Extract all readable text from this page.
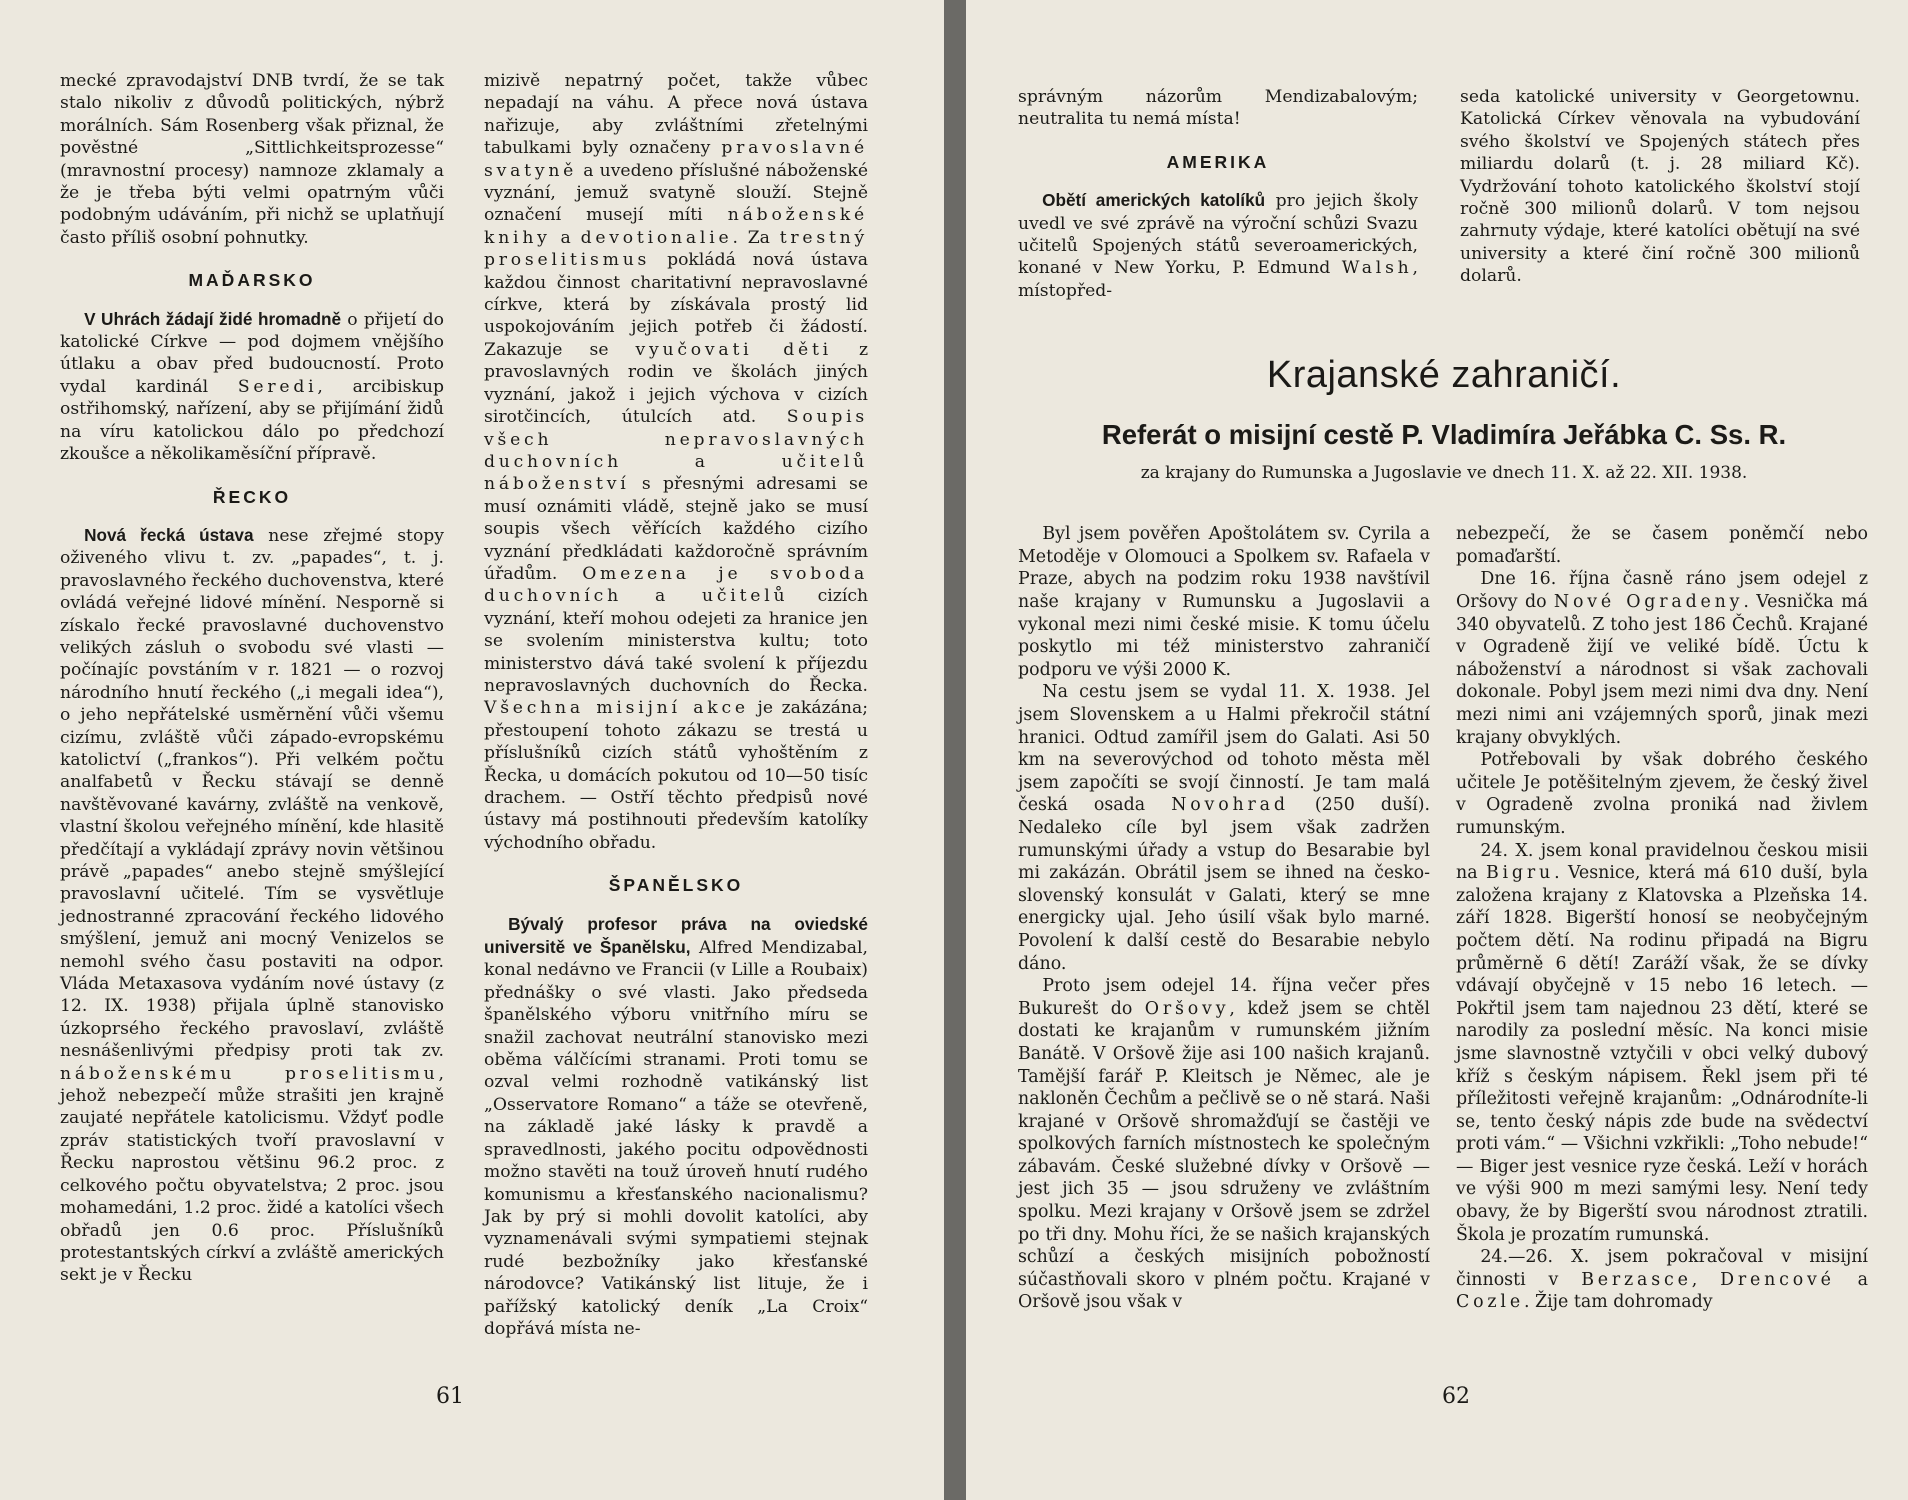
mecké zpravodajství DNB tvrdí, že se tak stalo nikoliv z důvodů politických, nýbrž morálních. Sám Rosenberg však přiznal, že pověstné „Sittlichkeitsprozesse“ (mravnostní procesy) namnoze zklamaly a že je třeba býti velmi opatrným vůči podobným udáváním, při nichž se uplatňují často příliš osobní pohnutky.

MAĎARSKO

V Uhrách žádají židé hromadně o přijetí do katolické Církve — pod dojmem vnějšího útlaku a obav před budoucností. Proto vydal kardinál Seredi, arcibiskup ostřihomský, nařízení, aby se přijímání židů na víru katolickou dálo po předchozí zkoušce a několikaměsíční přípravě.

ŘECKO

Nová řecká ústava nese zřejmé stopy oživeného vlivu t. zv. „papades“, t. j. pravoslavného řeckého duchovenstva, které ovládá veřejné lidové mínění. Nesporně si získalo řecké pravoslavné duchovenstvo velikých zásluh o svobodu své vlasti — počínajíc povstáním v r. 1821 — o rozvoj národního hnutí řeckého („i megali idea“), o jeho nepřátelské usměrnění vůči všemu cizímu, zvláště vůči západo-evropskému katolictví („frankos“). Při velkém počtu analfabetů v Řecku stávají se denně navštěvované kavárny, zvláště na venkově, vlastní školou veřejného mínění, kde hlasitě předčítají a vykládají zprávy novin většinou právě „papades“ anebo stejně smýšlející pravoslavní učitelé. Tím se vysvětluje jednostranné zpracování řeckého lidového smýšlení, jemuž ani mocný Venizelos se nemohl svého času postaviti na odpor. Vláda Metaxasova vydáním nové ústavy (z 12. IX. 1938) přijala úplně stanovisko úzkoprsého řeckého pravoslaví, zvláště nesnášenlivými předpisy proti tak zv. náboženskému proselitismu, jehož nebezpečí může strašiti jen krajně zaujaté nepřátele katolicismu. Vždyť podle zpráv statistických tvoří pravoslavní v Řecku naprostou většinu 96.2 proc. z celkového počtu obyvatelstva; 2 proc. jsou mohamedáni, 1.2 proc. židé a katolíci všech obřadů jen 0.6 proc. Příslušníků protestantských církví a zvláště amerických sekt je v Řecku

mizivě nepatrný počet, takže vůbec nepadají na váhu. A přece nová ústava nařizuje, aby zvláštními zřetelnými tabulkami byly označeny pravoslavné svatyně a uvedeno příslušné náboženské vyznání, jemuž svatyně slouží. Stejně označení musejí míti náboženské knihy a devotionalie. Za trestný proselitismus pokládá nová ústava každou činnost charitativní nepravoslavné církve, která by získávala prostý lid uspokojováním jejich potřeb či žádostí. Zakazuje se vyučovati děti z pravoslavných rodin ve školách jiných vyznání, jakož i jejich výchova v cizích sirotčincích, útulcích atd. Soupis všech nepravoslavných duchovních a učitelů náboženství s přesnými adresami se musí oznámiti vládě, stejně jako se musí soupis všech věřících každého cizího vyznání předkládati každoročně správním úřadům. Omezena je svoboda duchovních a učitelů cizích vyznání, kteří mohou odejeti za hranice jen se svolením ministerstva kultu; toto ministerstvo dává také svolení k příjezdu nepravoslavných duchovních do Řecka. Všechna misijní akce je zakázána; přestoupení tohoto zákazu se trestá u příslušníků cizích států vyhoštěním z Řecka, u domácích pokutou od 10—50 tisíc drachem. — Ostří těchto předpisů nové ústavy má postihnouti především katolíky východního obřadu.

ŠPANĚLSKO

Bývalý profesor práva na oviedské universitě ve Španělsku, Alfred Mendizabal, konal nedávno ve Francii (v Lille a Roubaix) přednášky o své vlasti. Jako předseda španělského výboru vnitřního míru se snažil zachovat neutrální stanovisko mezi oběma válčícími stranami. Proti tomu se ozval velmi rozhodně vatikánský list „Osservatore Romano“ a táže se otevřeně, na základě jaké lásky k pravdě a spravedlnosti, jakého pocitu odpovědnosti možno stavěti na touž úroveň hnutí rudého komunismu a křesťanského nacionalismu? Jak by prý si mohli dovolit katolíci, aby vyznamenávali svými sympatiemi stejnak rudé bezbožníky jako křesťanské národovce? Vatikánský list lituje, že i pařížský katolický deník „La Croix“ dopřává místa ne-

61

správným názorům Mendizabalovým; neutralita tu nemá místa!

AMERIKA

Obětí amerických katolíků pro jejich školy uvedl ve své zprávě na výroční schůzi Svazu učitelů Spojených států severoamerických, konané v New Yorku, P. Edmund Walsh, místopřed-

seda katolické university v Georgetownu. Katolická Církev věnovala na vybudování svého školství ve Spojených státech přes miliardu dolarů (t. j. 28 miliard Kč). Vydržování tohoto katolického školství stojí ročně 300 milionů dolarů. V tom nejsou zahrnuty výdaje, které katolíci obětují na své university a které činí ročně 300 milionů dolarů.

Krajanské zahraničí.
Referát o misijní cestě P. Vladimíra Jeřábka C. Ss. R.
za krajany do Rumunska a Jugoslavie ve dnech 11. X. až 22. XII. 1938.

Byl jsem pověřen Apoštolátem sv. Cyrila a Metoděje v Olomouci a Spolkem sv. Rafaela v Praze, abych na podzim roku 1938 navštívil naše krajany v Rumunsku a Jugoslavii a vykonal mezi nimi české misie. K tomu účelu poskytlo mi též ministerstvo zahraničí podporu ve výši 2000 K.

Na cestu jsem se vydal 11. X. 1938. Jel jsem Slovenskem a u Halmi překročil státní hranici. Odtud zamířil jsem do Galati. Asi 50 km na severovýchod od tohoto města měl jsem započíti se svojí činností. Je tam malá česká osada Novohrad (250 duší). Nedaleko cíle byl jsem však zadržen rumunskými úřady a vstup do Besarabie byl mi zakázán. Obrátil jsem se ihned na česko-slovenský konsulát v Galati, který se mne energicky ujal. Jeho úsilí však bylo marné. Povolení k další cestě do Besarabie nebylo dáno.

Proto jsem odejel 14. října večer přes Bukurešt do Oršovy, kdež jsem se chtěl dostati ke krajanům v rumunském jižním Banátě. V Oršově žije asi 100 našich krajanů. Tamější farář P. Kleitsch je Němec, ale je nakloněn Čechům a pečlivě se o ně stará. Naši krajané v Oršově shromažďují se častěji ve spolkových farních místnostech ke společným zábavám. České služebné dívky v Oršově — jest jich 35 — jsou sdruženy ve zvláštním spolku. Mezi krajany v Oršově jsem se zdržel po tři dny. Mohu říci, že se našich krajanských schůzí a českých misijních pobožností súčastňovali skoro v plném počtu. Krajané v Oršově jsou však v

nebezpečí, že se časem poněmčí nebo pomaďarští.

Dne 16. října časně ráno jsem odejel z Oršovy do Nové Ogradeny. Vesnička má 340 obyvatelů. Z toho jest 186 Čechů. Krajané v Ogradeně žijí ve veliké bídě. Úctu k náboženství a národnost si však zachovali dokonale. Pobyl jsem mezi nimi dva dny. Není mezi nimi ani vzájemných sporů, jinak mezi krajany obvyklých.

Potřebovali by však dobrého českého učitele Je potěšitelným zjevem, že český živel v Ogradeně zvolna proniká nad živlem rumunským.

24. X. jsem konal pravidelnou českou misii na Bigru. Vesnice, která má 610 duší, byla založena krajany z Klatovska a Plzeňska 14. září 1828. Bigerští honosí se neobyčejným počtem dětí. Na rodinu připadá na Bigru průměrně 6 dětí! Zaráží však, že se dívky vdávají obyčejně v 15 nebo 16 letech. — Pokřtil jsem tam najednou 23 dětí, které se narodily za poslední měsíc. Na konci misie jsme slavnostně vztyčili v obci velký dubový kříž s českým nápisem. Řekl jsem při té příležitosti veřejně krajanům: „Odnárodníte-li se, tento český nápis zde bude na svědectví proti vám.“ — Všichni vzkřikli: „Toho nebude!“ — Biger jest vesnice ryze česká. Leží v horách ve výši 900 m mezi samými lesy. Není tedy obavy, že by Bigerští svou národnost ztratili. Škola je prozatím rumunská.

24.—26. X. jsem pokračoval v misijní činnosti v Berzasce, Drencové a Cozle. Žije tam dohromady

62
